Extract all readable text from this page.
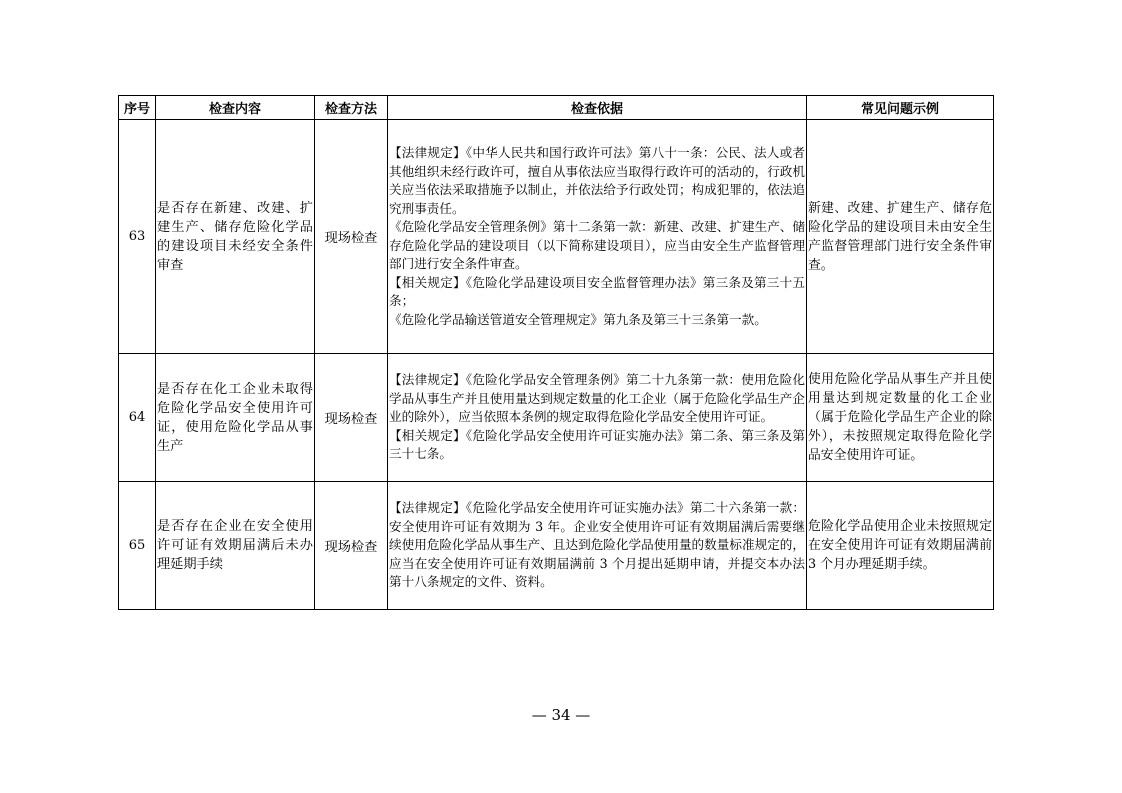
序号	检查内容	检查方法	检查依据	常见问题示例
63	是否存在新建、改建、扩建生产、储存危险化学品的建设项目未经安全条件审查	现场检查	【法律规定】《中华人民共和国行政许可法》第八十一条：公民、法人或者其他组织未经行政许可，擅自从事依法应当取得行政许可的活动的，行政机关应当依法采取措施予以制止，并依法给予行政处罚；构成犯罪的，依法追究刑事责任。
《危险化学品安全管理条例》第十二条第一款：新建、改建、扩建生产、储存危险化学品的建设项目（以下简称建设项目），应当由安全生产监督管理部门进行安全条件审查。
【相关规定】《危险化学品建设项目安全监督管理办法》第三条及第三十五条；
《危险化学品输送管道安全管理规定》第九条及第三十三条第一款。	新建、改建、扩建生产、储存危险化学品的建设项目未由安全生产监督管理部门进行安全条件审查。
64	是否存在化工企业未取得危险化学品安全使用许可证，使用危险化学品从事生产	现场检查	【法律规定】《危险化学品安全管理条例》第二十九条第一款：使用危险化学品从事生产并且使用量达到规定数量的化工企业（属于危险化学品生产企业的除外），应当依照本条例的规定取得危险化学品安全使用许可证。
【相关规定】《危险化学品安全使用许可证实施办法》第二条、第三条及第三十七条。	使用危险化学品从事生产并且使用量达到规定数量的化工企业（属于危险化学品生产企业的除外），未按照规定取得危险化学品安全使用许可证。
65	是否存在企业在安全使用许可证有效期届满后未办理延期手续	现场检查	【法律规定】《危险化学品安全使用许可证实施办法》第二十六条第一款：安全使用许可证有效期为 3 年。企业安全使用许可证有效期届满后需要继续使用危险化学品从事生产、且达到危险化学品使用量的数量标准规定的，应当在安全使用许可证有效期届满前 3 个月提出延期申请，并提交本办法第十八条规定的文件、资料。	危险化学品使用企业未按照规定在安全使用许可证有效期届满前 3 个月办理延期手续。
— 34 —
